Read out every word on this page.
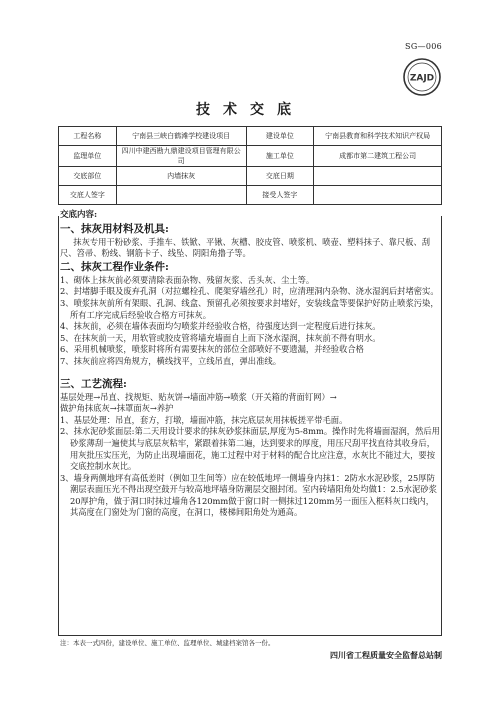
SG—006
ZAJD
技术交底
工程名称	宁南县三峡白鹤滩学校建设项目	建设单位	宁南县教育和科学技术知识产权局
监理单位	四川中建西勘九鼎建设项目管理有限公司	施工单位	成都市第二建筑工程公司
交底部位	内墙抹灰	交底日期	
交底人签字		接受人签字	

交底内容:

一、抹灰用材料及机具:

抹灰专用干粉砂浆、手推车、铁锨、平锹、灰槽、胶皮管、喷浆机、喷壶、塑料抹子、靠尺板、刮尺、笤帚、粉线、钢筋卡子、线坠、阴阳角撸子等。

二、抹灰工程作业条件:

1、砌体上抹灰前必须要清除表面杂物、残留灰浆、舌头灰、尘土等。

2、封堵脚手眼及废弃孔洞（对拉螺栓孔、爬架穿墙丝孔）时，应清理洞内杂物、浇水湿润后封堵密实。

3、喷浆抹灰前所有架眼、孔洞、线盒、预留孔必须按要求封堵好，安装线盒等要保护好防止喷浆污染，所有工序完成后经验收合格方可抹灰。

4、抹灰前，必须在墙体表面均匀喷浆并经验收合格，待强度达到一定程度后进行抹灰。

5、在抹灰前一天，用软管或胶皮管将墙充墙面自上而下浇水湿润，抹灰前不得有明水。

6、采用机械喷浆，喷浆时将所有需要抹灰的部位全部喷好不要遗漏，并经验收合格

7、抹灰前应将四角规方，横线找平，立线吊直，弹出准线。

三、工艺流程:

基层处理→吊直、找规矩、贴灰饼→墙面冲筋→喷浆（开关箱的背面钉网）→

做护角抹底灰→抹罩面灰→养护

1、基层处理：吊直，套方，打墩，墙面冲筋，抹完底层灰用抹板搓平带毛面。

2、抹水泥砂浆面层:第二天用设计要求的抹灰砂浆抹面层,厚度为5-8mm。操作时先将墙面湿润，然后用砂浆薄刮一遍使其与底层灰粘牢，紧跟着抹第二遍，达到要求的厚度，用压尺刮平找直待其收身后，用灰批压实压光，为防止出现墙面花，施工过程中对于材料的配合比应注意，水灰比不能过大，要按交底控制水灰比。

3、墙身两侧地坪有高低差时（例如卫生间等）应在较低地坪一侧墙身内抹1：2防水水泥砂浆，25厚防潮层表面压光不得出现空鼓开与较高地坪墙身防潮层交圈封闭。室内砖墙阳角处均做1：2.5水泥砂浆20厚护角，做于洞口时抹过墙角各120mm做于窗口时一侧抹过120mm另一面压入框料灰口线内，其高度在门窗处为门窗的高度，在洞口，楼梯间阳角处为通高。

注：本表一式四份，建设单位、施工单位、监理单位、城建档案馆各一份。
四川省工程质量安全监督总站制
